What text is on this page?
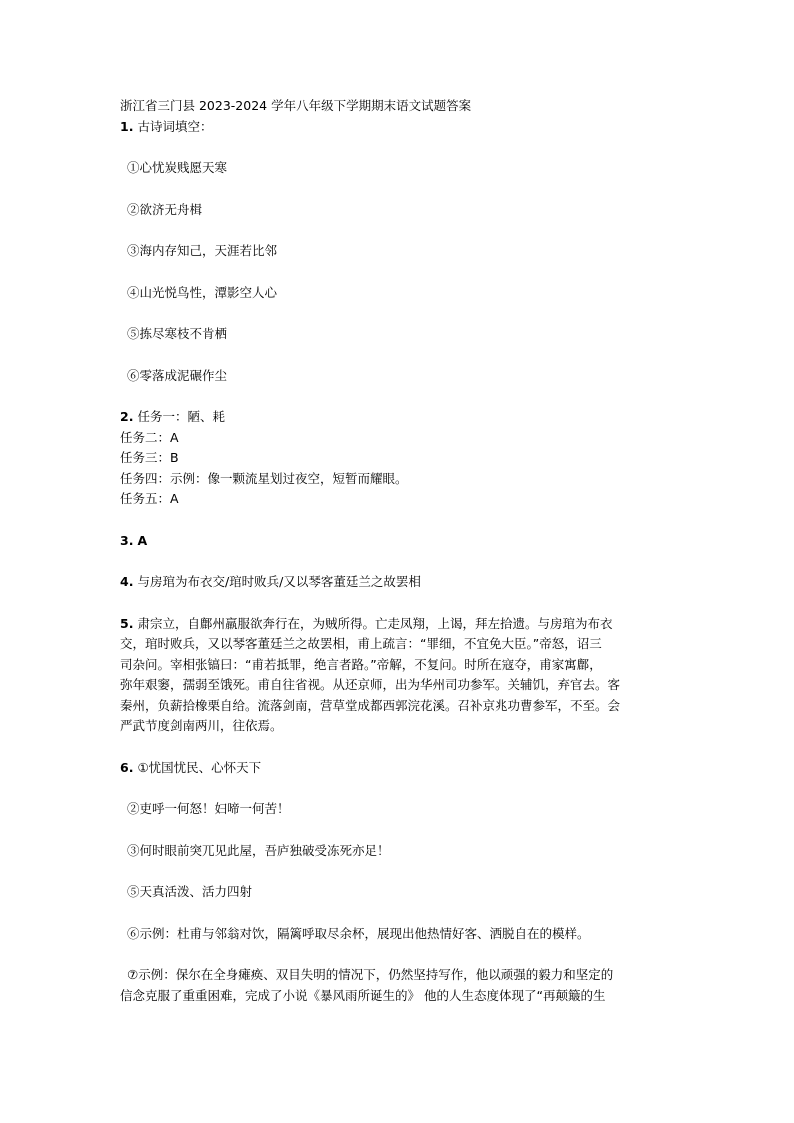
浙江省三门县 2023-2024 学年八年级下学期期末语文试题答案
1. 古诗词填空：
①心忧炭贱愿天寒
②欲济无舟楫
③海内存知己，天涯若比邻
④山光悦鸟性，潭影空人心
⑤拣尽寒枝不肯栖
⑥零落成泥碾作尘
2. 任务一：陋、耗
任务二：A
任务三：B
任务四：示例：像一颗流星划过夜空，短暂而耀眼。
任务五：A
3. A
4. 与房琯为布衣交/琯时败兵/又以琴客董廷兰之故罢相
5. 肃宗立，自鄜州羸服欲奔行在，为贼所得。亡走凤翔，上谒，拜左拾遗。与房琯为布衣
交，琯时败兵，又以琴客董廷兰之故罢相，甫上疏言：“罪细，不宜免大臣。”帝怒，诏三
司杂问。宰相张镐曰：“甫若抵罪，绝言者路。”帝解，不复问。时所在寇夺，甫家寓鄜，
弥年艰窭，孺弱至饿死。甫自往省视。从还京师，出为华州司功参军。关辅饥，弃官去。客
秦州，负薪拾橡栗自给。流落剑南，营草堂成都西郭浣花溪。召补京兆功曹参军，不至。会
严武节度剑南两川，往依焉。
6. ①忧国忧民、心怀天下
②吏呼一何怒！妇啼一何苦！
③何时眼前突兀见此屋，吾庐独破受冻死亦足！
⑤天真活泼、活力四射
⑥示例：杜甫与邻翁对饮，隔篱呼取尽余杯，展现出他热情好客、洒脱自在的模样。
⑦示例：保尔在全身瘫痪、双目失明的情况下，仍然坚持写作，他以顽强的毅力和坚定的
信念克服了重重困难，完成了小说《暴风雨所诞生的》 他的人生态度体现了“再颠簸的生
